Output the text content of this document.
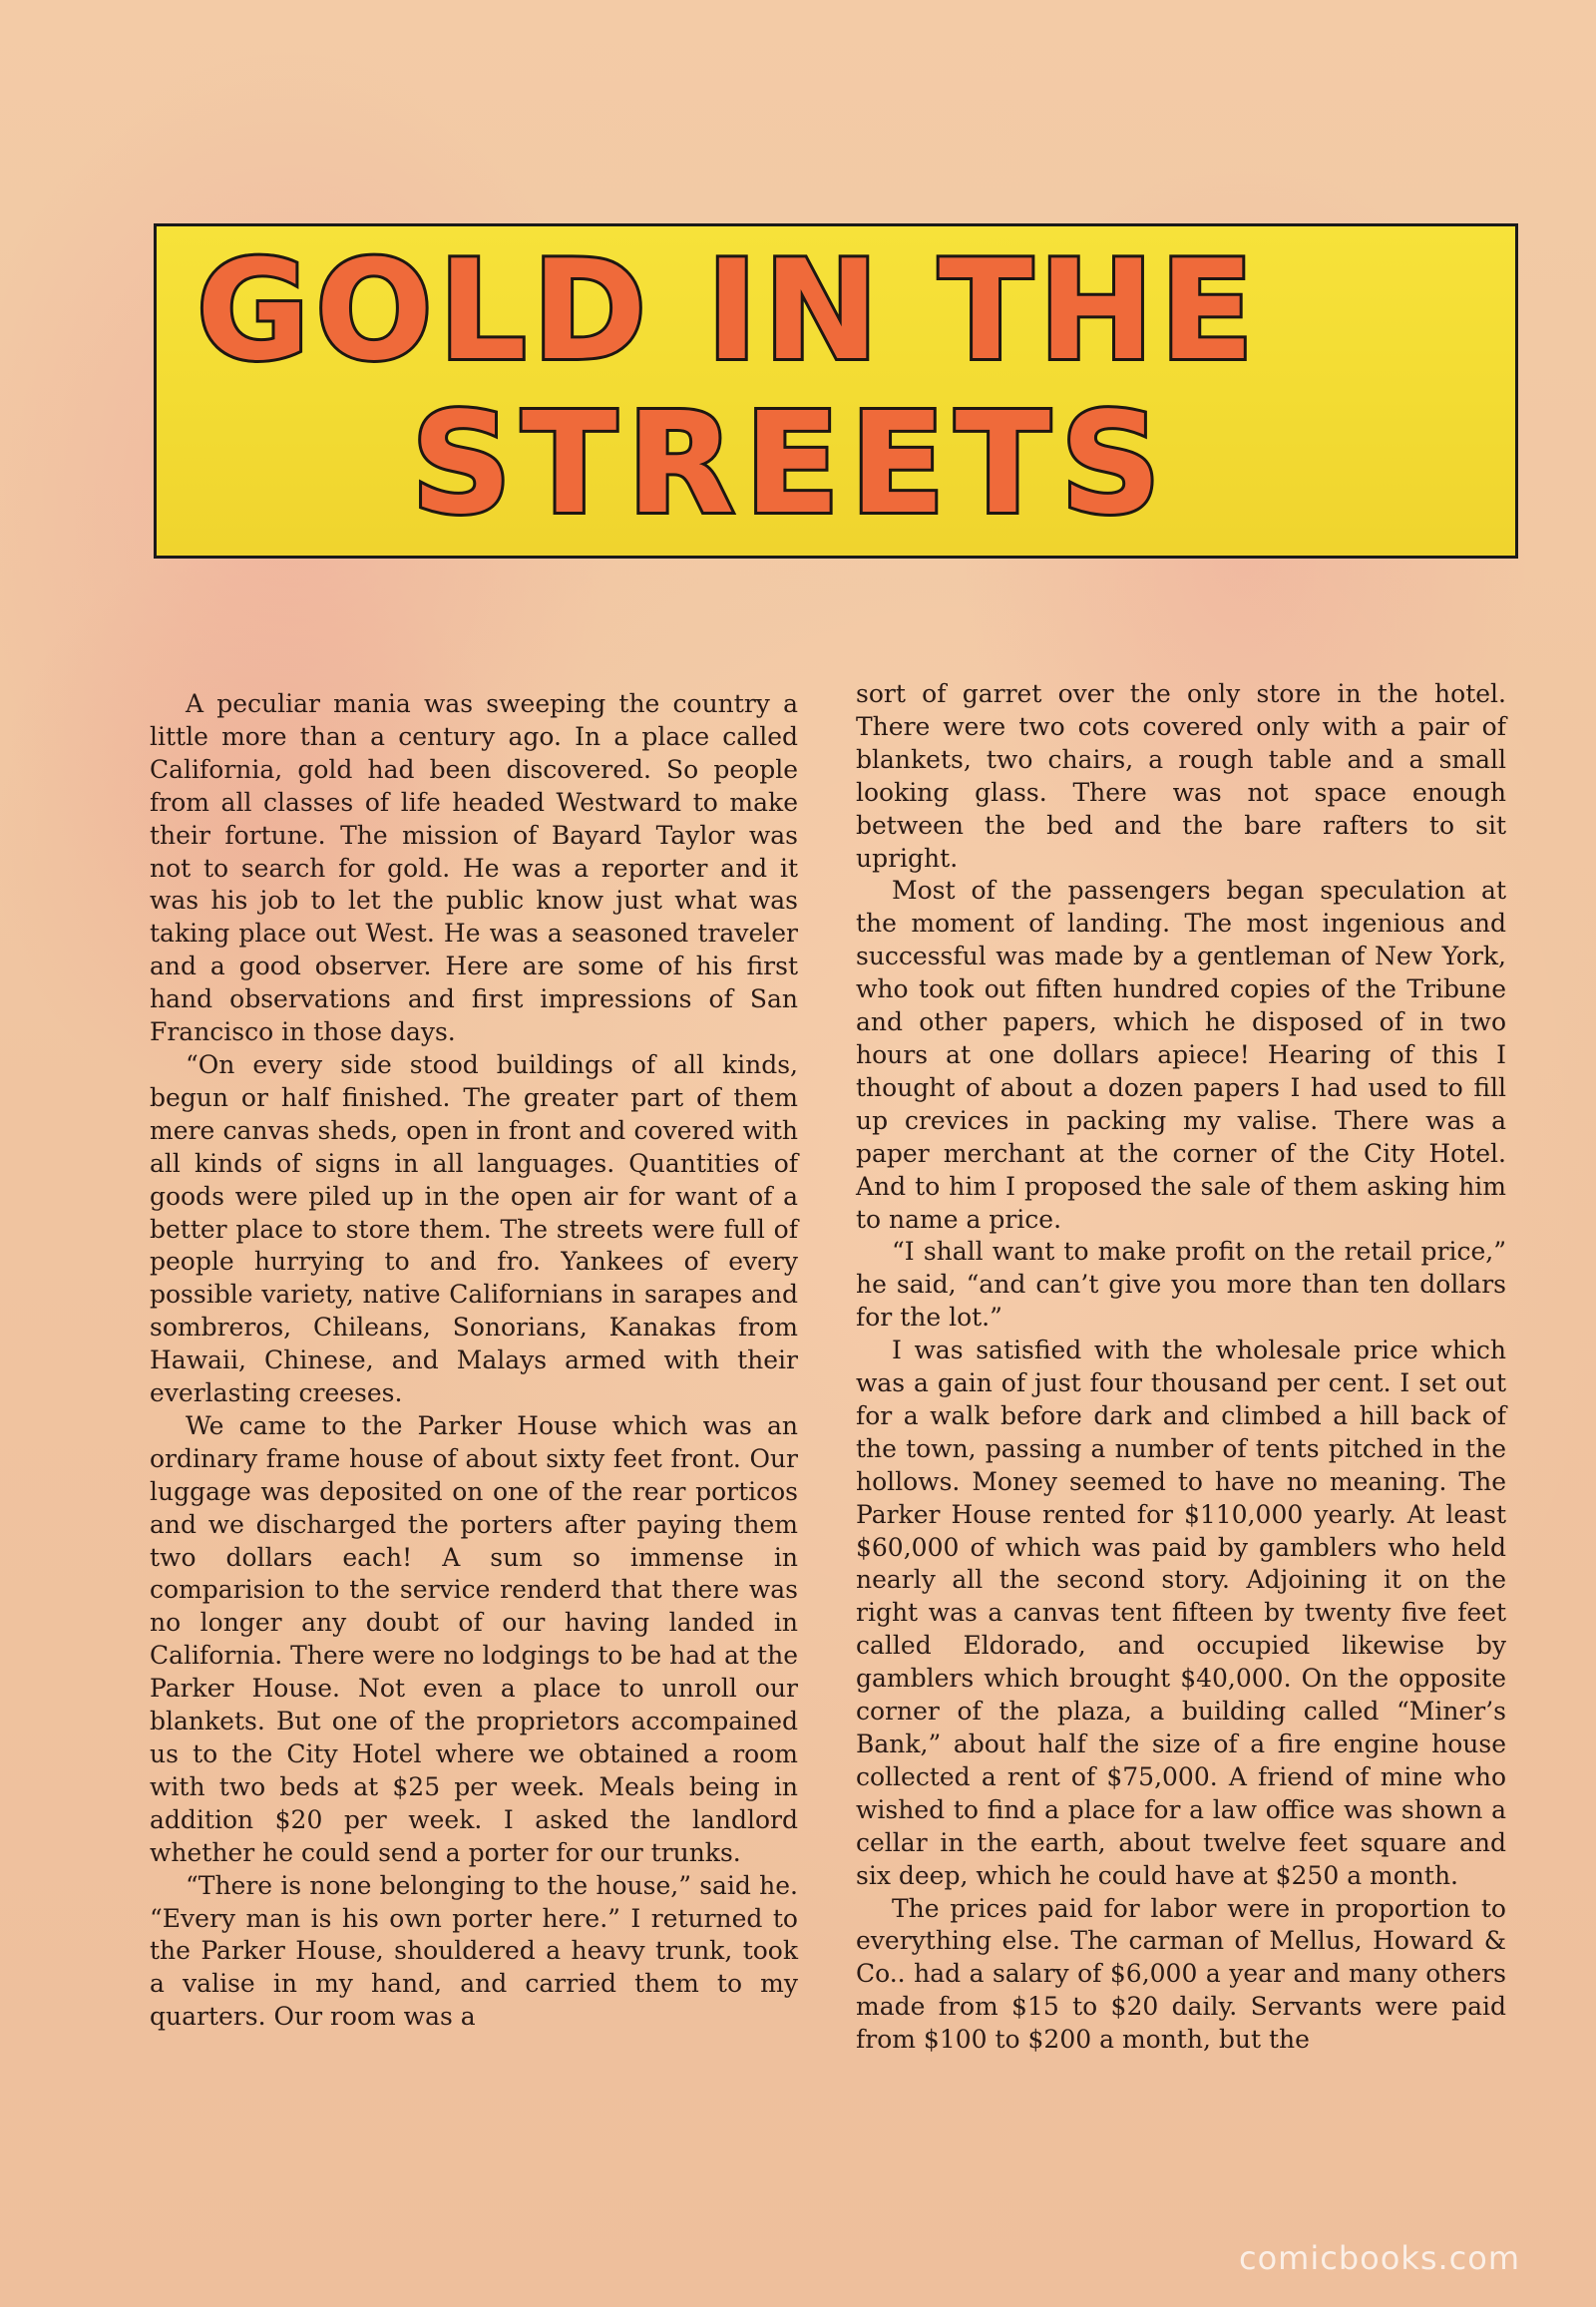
GOLD IN THE
STREETS

A peculiar mania was sweeping the country a little more than a century ago. In a place called California, gold had been discovered. So people from all classes of life headed Westward to make their fortune. The mission of Bayard Taylor was not to search for gold. He was a reporter and it was his job to let the public know just what was taking place out West. He was a seasoned traveler and a good observer. Here are some of his first hand observations and first impressions of San Francisco in those days.

“On every side stood buildings of all kinds, begun or half finished. The greater part of them mere canvas sheds, open in front and covered with all kinds of signs in all languages. Quantities of goods were piled up in the open air for want of a better place to store them. The streets were full of people hurrying to and fro. Yankees of every possible variety, native Californians in sarapes and sombreros, Chileans, Sonorians, Kanakas from Hawaii, Chinese, and Malays armed with their everlasting creeses.

We came to the Parker House which was an ordinary frame house of about sixty feet front. Our luggage was deposited on one of the rear porticos and we discharged the porters after paying them two dollars each! A sum so immense in comparision to the service renderd that there was no longer any doubt of our having landed in California. There were no lodgings to be had at the Parker House. Not even a place to unroll our blankets. But one of the proprietors accompained us to the City Hotel where we obtained a room with two beds at $25 per week. Meals being in addition $20 per week. I asked the landlord whether he could send a porter for our trunks.

“There is none belonging to the house,” said he. “Every man is his own porter here.” I returned to the Parker House, shouldered a heavy trunk, took a valise in my hand, and carried them to my quarters. Our room was a

sort of garret over the only store in the hotel. There were two cots covered only with a pair of blankets, two chairs, a rough table and a small looking glass. There was not space enough between the bed and the bare rafters to sit upright.

Most of the passengers began speculation at the moment of landing. The most ingenious and successful was made by a gentleman of New York, who took out fiften hundred copies of the Tribune and other papers, which he disposed of in two hours at one dollars apiece! Hearing of this I thought of about a dozen papers I had used to fill up crevices in packing my valise. There was a paper merchant at the corner of the City Hotel. And to him I proposed the sale of them asking him to name a price.

“I shall want to make profit on the retail price,” he said, “and can’t give you more than ten dollars for the lot.”

I was satisfied with the wholesale price which was a gain of just four thousand per cent. I set out for a walk before dark and climbed a hill back of the town, passing a number of tents pitched in the hollows. Money seemed to have no meaning. The Parker House rented for $110,000 yearly. At least $60,000 of which was paid by gamblers who held nearly all the second story. Adjoining it on the right was a canvas tent fifteen by twenty five feet called Eldorado, and occupied likewise by gamblers which brought $40,000. On the opposite corner of the plaza, a building called “Miner’s Bank,” about half the size of a fire engine house collected a rent of $75,000. A friend of mine who wished to find a place for a law office was shown a cellar in the earth, about twelve feet square and six deep, which he could have at $250 a month.

The prices paid for labor were in proportion to everything else. The carman of Mellus, Howard & Co.. had a salary of $6,000 a year and many others made from $15 to $20 daily. Servants were paid from $100 to $200 a month, but the

comicbooks.com
